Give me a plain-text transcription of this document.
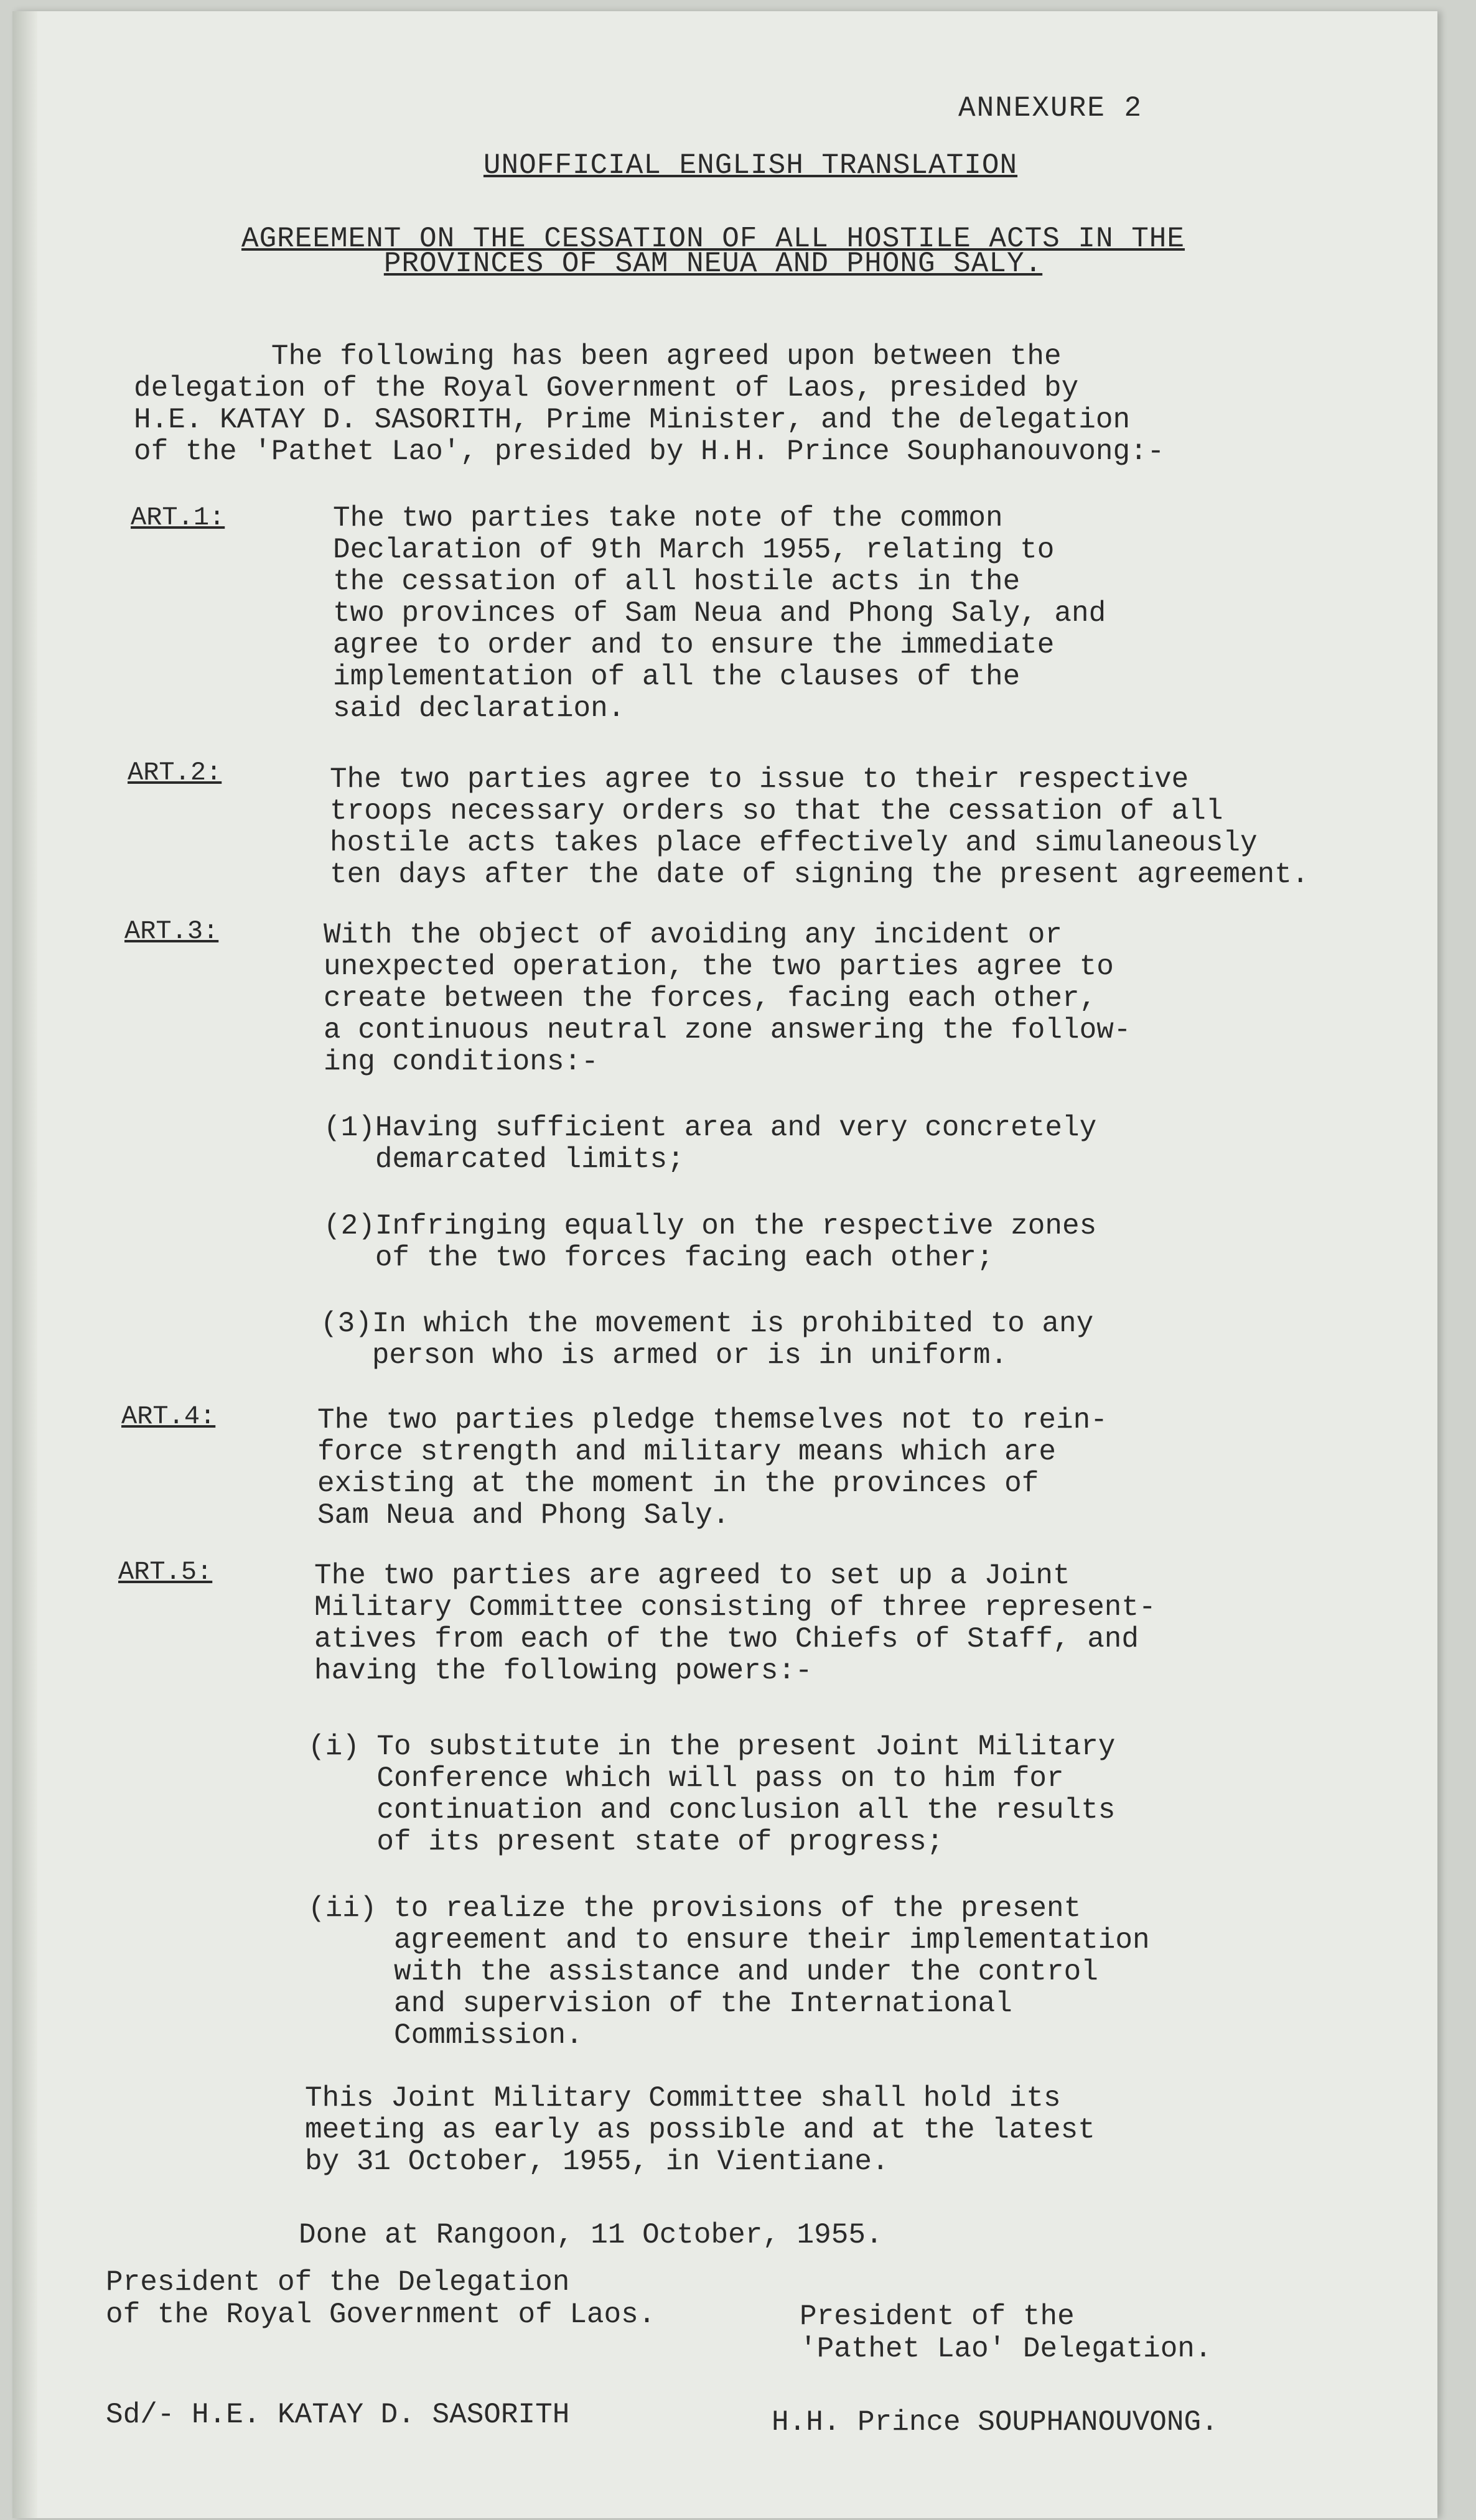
ANNEXURE 2
UNOFFICIAL ENGLISH TRANSLATION
AGREEMENT ON THE CESSATION OF ALL HOSTILE ACTS IN THE
PROVINCES OF SAM NEUA AND PHONG SALY.
The following has been agreed upon between the
delegation of the Royal Government of Laos, presided by
H.E. KATAY D. SASORITH, Prime Minister, and the delegation
of the 'Pathet Lao', presided by H.H. Prince Souphanouvong:-
ART.1:	The two parties take note of the common
Declaration of 9th March 1955, relating to
the cessation of all hostile acts in the
two provinces of Sam Neua and Phong Saly, and
agree to order and to ensure the immediate
implementation of all the clauses of the
said declaration.
ART.2:	The two parties agree to issue to their respective
troops necessary orders so that the cessation of all
hostile acts takes place effectively and simulaneously
ten days after the date of signing the present agreement.
ART.3:	With the object of avoiding any incident or
unexpected operation, the two parties agree to
create between the forces, facing each other,
a continuous neutral zone answering the follow-
ing conditions:-
(1)Having sufficient area and very concretely
demarcated limits;
(2)Infringing equally on the respective zones
of the two forces facing each other;
(3)In which the movement is prohibited to any
person who is armed or is in uniform.
ART.4:	The two parties pledge themselves not to rein-
force strength and military means which are
existing at the moment in the provinces of
Sam Neua and Phong Saly.
ART.5:	The two parties are agreed to set up a Joint
Military Committee consisting of three represent-
atives from each of the two Chiefs of Staff, and
having the following powers:-
(i) To substitute in the present Joint Military
Conference which will pass on to him for
continuation and conclusion all the results
of its present state of progress;
(ii) to realize the provisions of the present
agreement and to ensure their implementation
with the assistance and under the control
and supervision of the International
Commission.
This Joint Military Committee shall hold its
meeting as early as possible and at the latest
by 31 October, 1955, in Vientiane.
Done at Rangoon, 11 October, 1955.
President of the Delegation
of the Royal Government of Laos.	President of the
'Pathet Lao' Delegation.
Sd/- H.E. KATAY D. SASORITH	H.H. Prince SOUPHANOUVONG.
